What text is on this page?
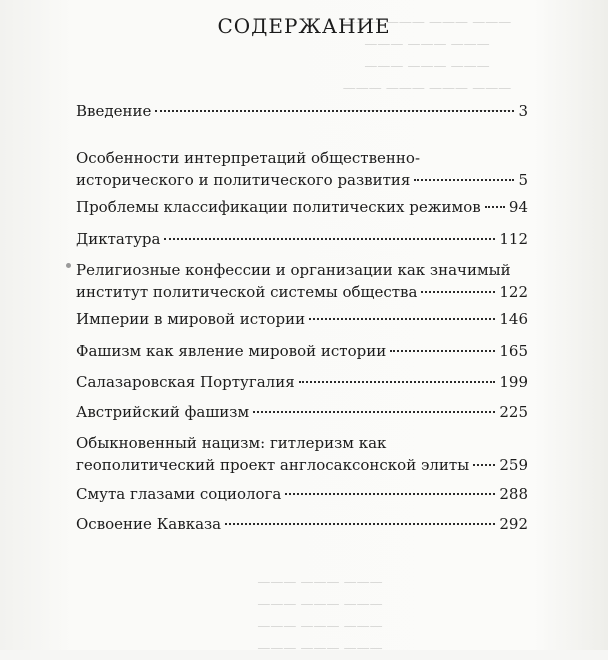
——— ——— ——— ———
——— ——— ———
——— ——— ———
——— ——— ——— ———
——— ——— ——— ———
——— ——— ———
——— ——— ———
——— ——— ———
——— ——— ———
СОДЕРЖАНИЕ
Введение	3
Особенности интерпретаций общественно-
исторического и политического развития	5
Проблемы классификации политических режимов 94
Диктатура	112
Религиозные конфессии и организации как значимый
институт политической системы общества	122
Империи в мировой истории	146
Фашизм как явление мировой истории	165
Салазаровская Португалия	199
Австрийский фашизм	225
Обыкновенный нацизм: гитлеризм как
геополитический проект англосаксонской элиты 259
Смута глазами социолога	288
Освоение Кавказа	292
